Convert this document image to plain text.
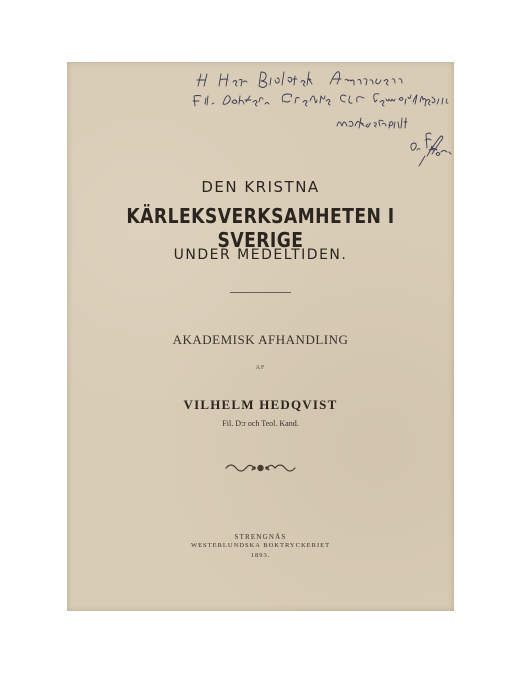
DEN KRISTNA
KÄRLEKSVERKSAMHETEN I SVERIGE
UNDER MEDELTIDEN.
AKADEMISK AFHANDLING
AF
VILHELM HEDQVIST
Fil. D:r och Teol. Kand.
STRENGNÄS
WESTERLUNDSKA BOKTRYCKERIET
1893.
